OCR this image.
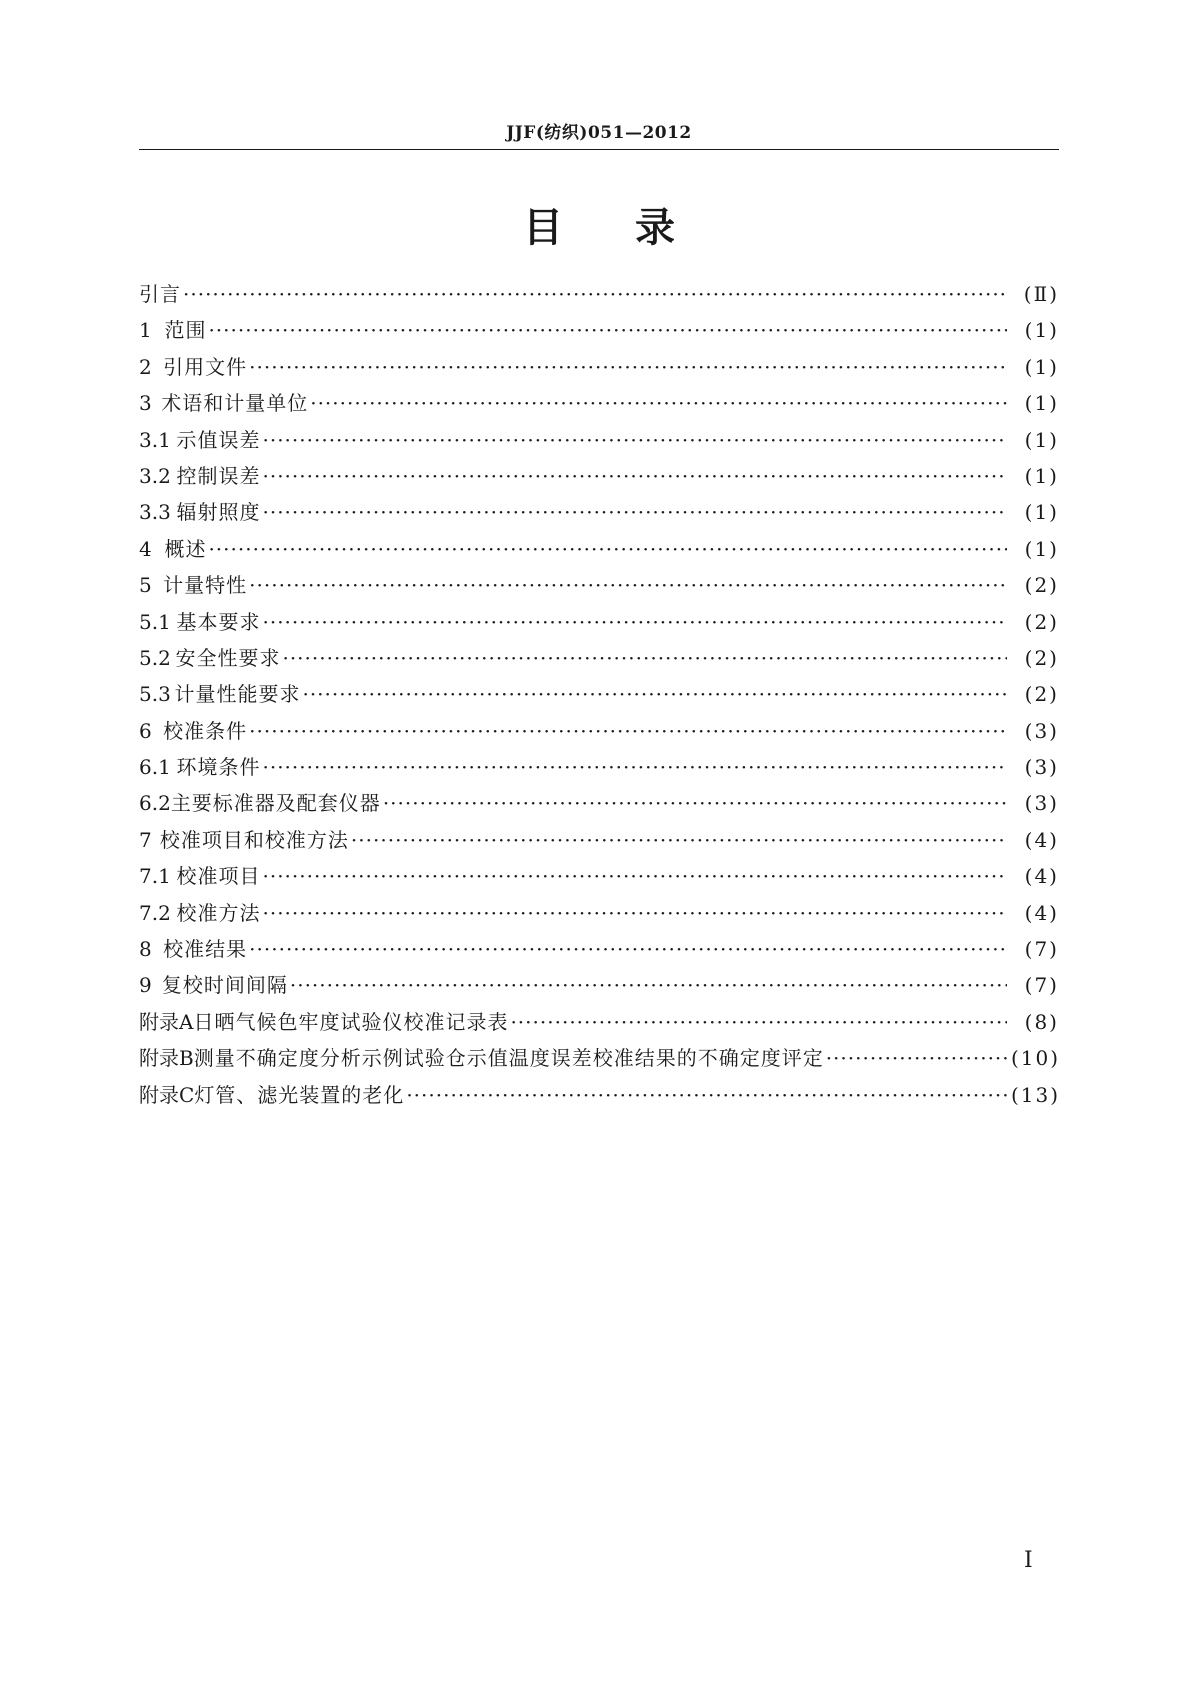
JJF(纺织)051—2012
目录
引言 ·····	(Ⅱ)
1 范围 ·····	(1)
2 引用文件 ·····	(1)
3 术语和计量单位 ·····	(1)
3.1 示值误差 ·····	(1)
3.2 控制误差 ·····	(1)
3.3 辐射照度 ·····	(1)
4 概述 ·····	(1)
5 计量特性 ·····	(2)
5.1 基本要求 ·····	(2)
5.2 安全性要求 ·····	(2)
5.3 计量性能要求 ·····	(2)
6 校准条件 ·····	(3)
6.1 环境条件 ·····	(3)
6.2 主要标准器及配套仪器 ·····	(3)
7 校准项目和校准方法 ·····	(4)
7.1 校准项目 ·····	(4)
7.2 校准方法 ·····	(4)
8 校准结果 ·····	(7)
9 复校时间间隔 ·····	(7)
附录A 日晒气候色牢度试验仪校准记录表 ·····	(8)
附录B 测量不确定度分析示例试验仓示值温度误差校准结果的不确定度评定 ·····	(10)
附录C 灯管、滤光装置的老化 ·····	(13)
I
